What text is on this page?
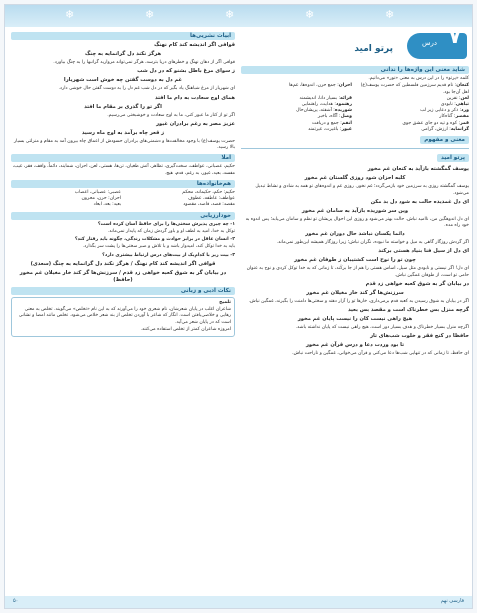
❄	❄	❄	❄	❄
۷
درس
پرتو امید
شاید معنی این واژه‌ها را ندانی
کلمه «پرتو» را در این درس به معنی «نور» می‌دانیم.
کنعان: نام قدیم سرزمین فلسطین که حضرت یوسف(ع) اهل آن‌جا بود.
احزان: جمع حزن، اندوه‌ها، غم‌ها
لعن: نفرین
قرائه: بسیار دانا، اندیشمند
تباهی: نابودی
رهنمود: هدایت، راهنمایی
ورد: ذکر و دعایی زیر لب
شوریده: آشفته، پریشان‌حال
مقصر: گناه‌کار
وصل: آگاه، باخبر
قمر: کوه و تپه دو جای عشق جوی
انقم: جمع و دریافت
گرانمایه: ارزش، گرامی
غیور: باغیرت، غیرتمند
معنی و مفهوم
پرتو امید
یوسف گمگشته بازآید به کنعان غم مخور
کلبه احزان شود روزی گلستان غم مخور
یوسف گمگشته روزی به سرزمین خود بازمی‌گردد؛ غم نخور. روزی غم و اندوه‌های تو همه به شادی و نشاط تبدیل می‌شود.
ای دل غمدیده حالت به شود دل بد مکن
وین سر شوریده بازآید به سامان غم مخور
ای دل اندوهگین من، ناامید نباش. حالت بهتر می‌شود و روزی این احوال پریشان تو نظم و سامان می‌یابد؛ پس اندوه به خود راه مده.
دائما یکسان نباشد حال دوران غم مخور
اگر گردش روزگار گاهی به میل و خواسته ما نبوده، نگران نباش؛ زیرا روزگار همیشه این‌طور نمی‌ماند.
ای دل از سیل فنا بنیاد هستی برکند
چون تو را نوح است کشتیبان ز طوفان غم مخور
ای دل! اگر نیستی و نابودی مثل سیل، اساس هستی را هم از جا برکَند، تا زمانی که به خدا توکل کردی و نوح به عنوان حامی تو است، از طوفان غمگین نباش.
در بیابان گر به شوق کعبه خواهی زد قدم
سرزنش‌ها گر کند خار مغیلان غم مخور
اگر در بیابان به شوق رسیدن به کعبه قدم برمی‌داری، خارها تو را آزار دهند و سختی‌ها دامنت را بگیرند، غمگین نباش.
گرچه منزل بس خطرناک است و مقصد بس بعید
هیچ راهی نیست کان را نیست پایان غم مخور
اگرچه منزل بسیار خطرناک و هدف بسیار دور است، هیچ راهی نیست که پایان نداشته باشد.
حافظا در کنج فقر و خلوت شب‌های تار
تا بود وردت دعا و درس قرآن غم مخور
ای حافظ، تا زمانی که در تنهایی شب‌ها دعا می‌کنی و قرآن می‌خوانی، غمگین و ناراحت نباش.
ابیات نشریی‌ها
قوافی اگر اندیشه کند کام نهنگ
هرگز نکند دل گرانمایه به چنگ
قوافی اگر از دهان نهنگ و خطرهای دریا بترسد، هرگز نمی‌تواند مروارید گرانبها را به چنگ بیاورد.
ز سوای مرغ باطل بشنو که در دل شب
غم دل به دوست گفتن چه خوش است شهریارا
ای شهریار از مرغ شباهنگ یاد بگیر که در دل شب غم دل را به دوست گفتن حال خوشی دارد.
همای اوج سعادت به دام ما افتد
اگر تو را گذری بر مقام ما افتد
اگر تو از کنار ما عبور کنی، ما به اوج سعادت و خوشبختی می‌رسیم.
عزیز مصر به رغم برادران غیور
ز قعر چاه برآمد به اوج ماه رسید
حضرت یوسف(ع) با وجود مخالفت‌ها و دشمنی‌های برادران حسودش از اعماق چاه بیرون آمد به مقام و منزلتی بسیار بالا رسید.
املا
حکیم، عصبانی، عواطف، سخت‌گیری، تظاهر، آتش طغیان، تن‌ها، هستی، لعن، احزان، شمایند، دائماً، واقف، فقر، غیب، مفسد، بعید، غیور، به رغم، قدم، هیچ.
هم‌خانواده‌ها
حکیم: حکم، حکیمانه، محکم
عصبی: عصبانی، اعصاب
عواطف: عاطفه، عطوف
احزان: حزن، محزون
مقصد: قصد، قاصد، مقصود
بعید: بعد، ابعاد
خودارزیابی
۱- چه چیزی پذیرش سختی‌ها را برای حافظ آسان کرده است؟
توکل به خدا، امید به لطف او و باور گردش زمان که پایدار نمی‌ماند.
۲- انسان عاقل در برابر حوادث و مشکلات زندگی، چگونه باید رفتار کند؟
باید به خدا توکل کند، امیدوار باشد و با تلاش و صبر سختی‌ها را پشت سر بگذارد.
۳- بیت زیر با کدام‌یک از بیت‌های درس ارتباط بیشتری دارد؟
قوافی اگر اندیشه کند کام نهنگ / هرگز نکند دل گرانمایه به چنگ (سعدی)
در بیابان گر به شوق کعبه خواهی زد قدم / سرزنش‌ها گر کند خار مغیلان غم مخور (حافظ)
نکات ادبی و زبانی
تلمیح
شاعران اغلب در پایان شعرشان، نام شعری خود را می‌آورند که به این نام «تخلص» می‌گویند. تخلص به معنی رهایی و خلاصی‌یافتن است. انگار که شاعر با آوردن تخلص از بند شعر خلاص می‌شود. تخلص مانند امضا و نشانی است که در پایان شعر می‌آید.
امروزه شاعران کمتر از تخلص استفاده می‌کنند.
فارسی نهم
۵۰
